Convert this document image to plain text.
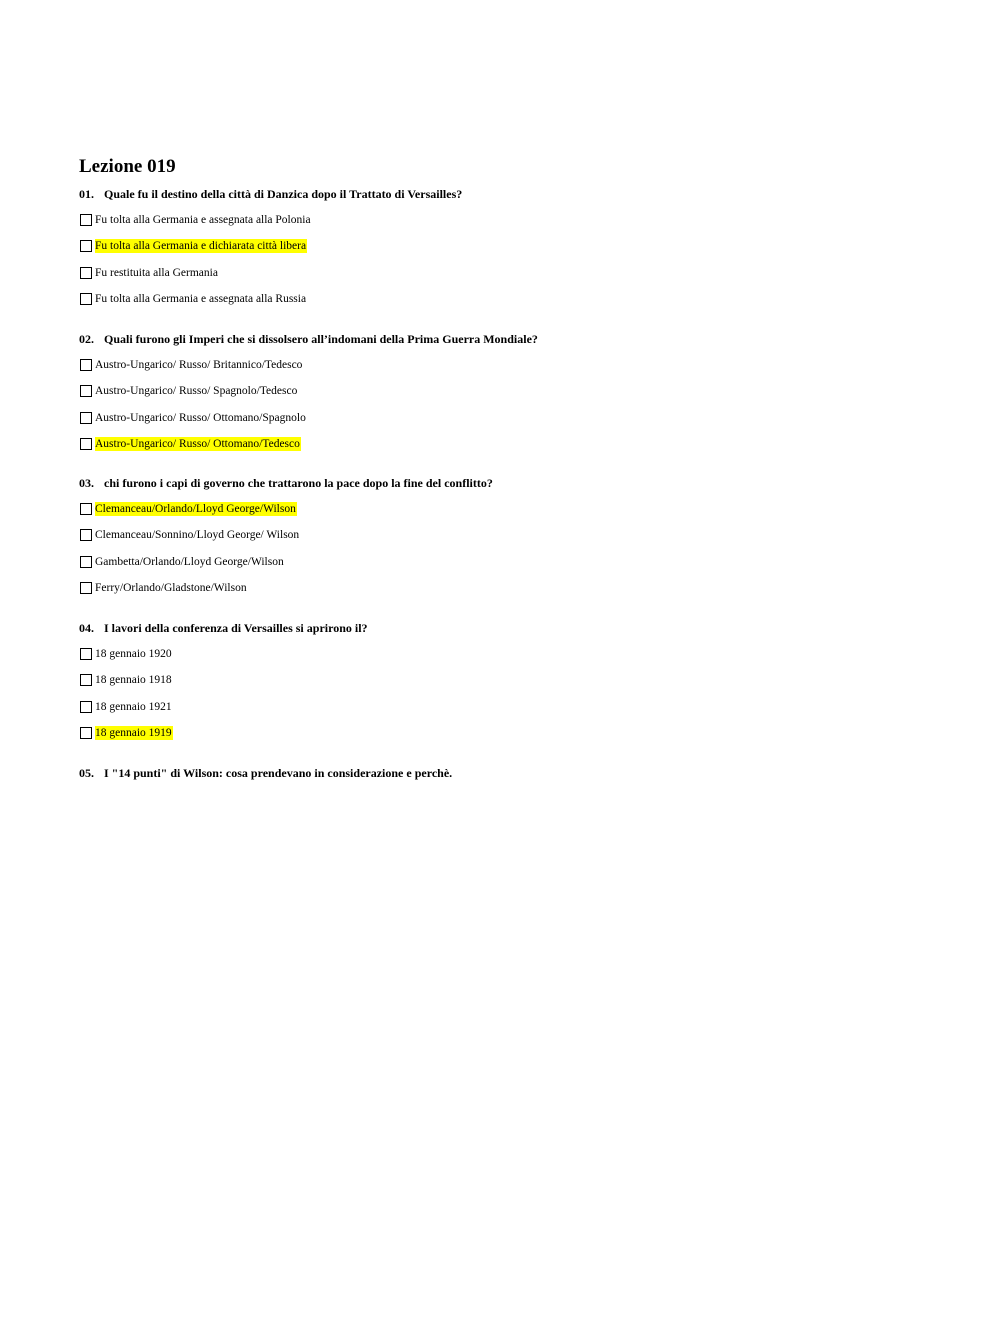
Lezione 019
01. Quale fu il destino della città di Danzica dopo il Trattato di Versailles?
Fu tolta alla Germania e assegnata alla Polonia
Fu tolta alla Germania e dichiarata città libera
Fu restituita alla Germania
Fu tolta alla Germania e assegnata alla Russia
02. Quali furono gli Imperi che si dissolsero all’indomani della Prima Guerra Mondiale?
Austro-Ungarico/ Russo/ Britannico/Tedesco
Austro-Ungarico/ Russo/ Spagnolo/Tedesco
Austro-Ungarico/ Russo/ Ottomano/Spagnolo
Austro-Ungarico/ Russo/ Ottomano/Tedesco
03. chi furono i capi di governo che trattarono la pace dopo la fine del conflitto?
Clemanceau/Orlando/Lloyd George/Wilson
Clemanceau/Sonnino/Lloyd George/ Wilson
Gambetta/Orlando/Lloyd George/Wilson
Ferry/Orlando/Gladstone/Wilson
04. I lavori della conferenza di Versailles si aprirono il?
18 gennaio 1920
18 gennaio 1918
18 gennaio 1921
18 gennaio 1919
05. I "14 punti" di Wilson: cosa prendevano in considerazione e perchè.
